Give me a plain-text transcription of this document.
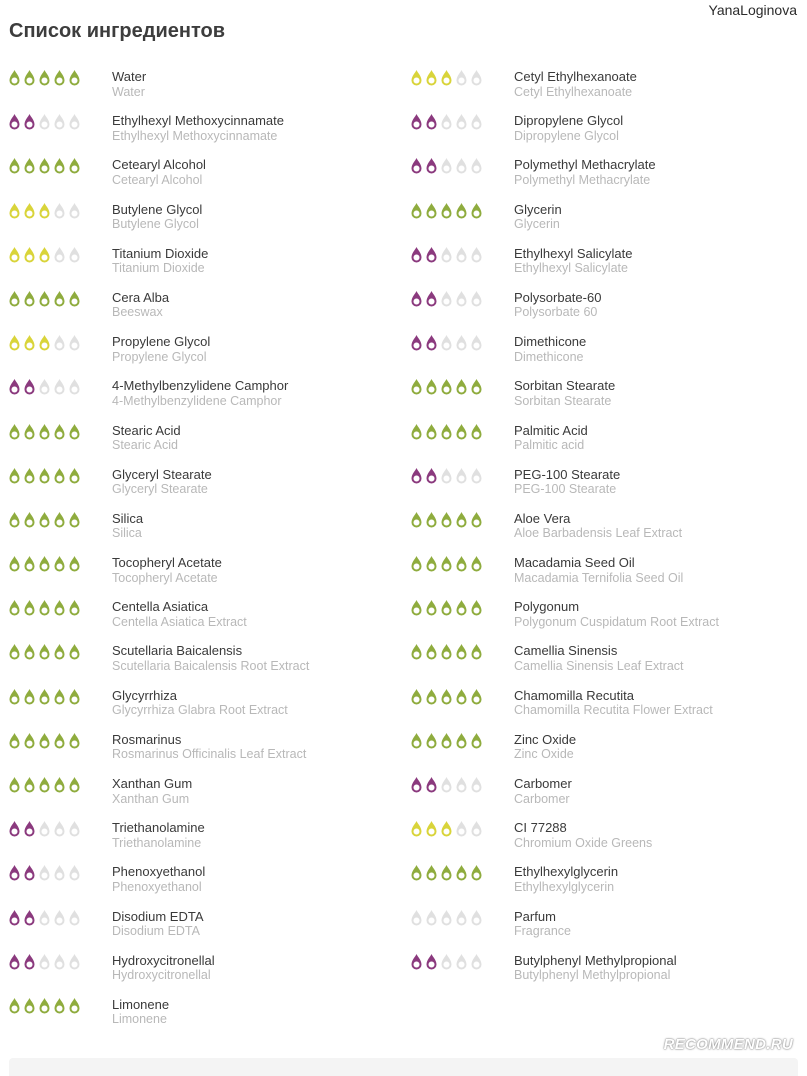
YanaLoginova
Список ингредиентов
Water
Water
Ethylhexyl Methoxycinnamate
Ethylhexyl Methoxycinnamate
Cetearyl Alcohol
Cetearyl Alcohol
Butylene Glycol
Butylene Glycol
Titanium Dioxide
Titanium Dioxide
Cera Alba
Beeswax
Propylene Glycol
Propylene Glycol
4-Methylbenzylidene Camphor
4-Methylbenzylidene Camphor
Stearic Acid
Stearic Acid
Glyceryl Stearate
Glyceryl Stearate
Silica
Silica
Tocopheryl Acetate
Tocopheryl Acetate
Centella Asiatica
Centella Asiatica Extract
Scutellaria Baicalensis
Scutellaria Baicalensis Root Extract
Glycyrrhiza
Glycyrrhiza Glabra Root Extract
Rosmarinus
Rosmarinus Officinalis Leaf Extract
Xanthan Gum
Xanthan Gum
Triethanolamine
Triethanolamine
Phenoxyethanol
Phenoxyethanol
Disodium EDTA
Disodium EDTA
Hydroxycitronellal
Hydroxycitronellal
Limonene
Limonene
Cetyl Ethylhexanoate
Cetyl Ethylhexanoate
Dipropylene Glycol
Dipropylene Glycol
Polymethyl Methacrylate
Polymethyl Methacrylate
Glycerin
Glycerin
Ethylhexyl Salicylate
Ethylhexyl Salicylate
Polysorbate-60
Polysorbate 60
Dimethicone
Dimethicone
Sorbitan Stearate
Sorbitan Stearate
Palmitic Acid
Palmitic acid
PEG-100 Stearate
PEG-100 Stearate
Aloe Vera
Aloe Barbadensis Leaf Extract
Macadamia Seed Oil
Macadamia Ternifolia Seed Oil
Polygonum
Polygonum Cuspidatum Root Extract
Camellia Sinensis
Camellia Sinensis Leaf Extract
Chamomilla Recutita
Chamomilla Recutita Flower Extract
Zinc Oxide
Zinc Oxide
Carbomer
Carbomer
CI 77288
Chromium Oxide Greens
Ethylhexylglycerin
Ethylhexylglycerin
Parfum
Fragrance
Butylphenyl Methylpropional
Butylphenyl Methylpropional
RECOMMEND.RU
